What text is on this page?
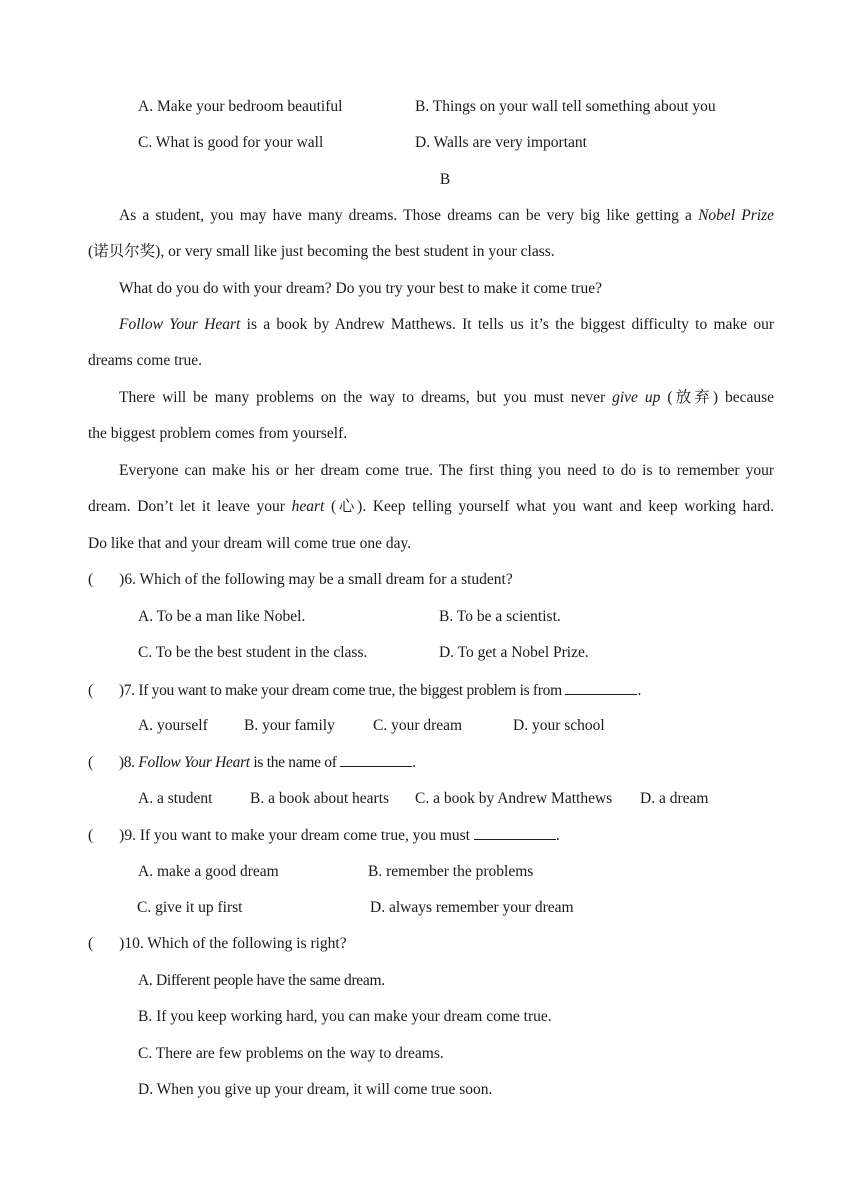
A. Make your bedroom beautiful	B. Things on your wall tell something about you
C. What is good for your wall	D. Walls are very important
B
As a student, you may have many dreams. Those dreams can be very big like getting a Nobel Prize
(诺贝尔奖), or very small like just becoming the best student in your class.
What do you do with your dream? Do you try your best to make it come true?
Follow Your Heart is a book by Andrew Matthews. It tells us it’s the biggest difficulty to make our
dreams come true.
There will be many problems on the way to dreams, but you must never give up (放弃) because
the biggest problem comes from yourself.
Everyone can make his or her dream come true. The first thing you need to do is to remember your
dream. Don’t let it leave your heart (心). Keep telling yourself what you want and keep working hard.
Do like that and your dream will come true one day.
( )6. Which of the following may be a small dream for a student?
A. To be a man like Nobel.	B. To be a scientist.
C. To be the best student in the class.	D. To get a Nobel Prize.
( )7. If you want to make your dream come true, the biggest problem is from	.
A. yourself B. your family C. your dream	D. your school
( )8. Follow Your Heart is the name of	.
A. a student B. a book about hearts C. a book by Andrew Matthews D. a dream
( )9. If you want to make your dream come true, you must	.
A. make a good dream	B. remember the problems
C. give it up first	D. always remember your dream
( )10. Which of the following is right?
A. Different people have the same dream.
B. If you keep working hard, you can make your dream come true.
C. There are few problems on the way to dreams.
D. When you give up your dream, it will come true soon.
